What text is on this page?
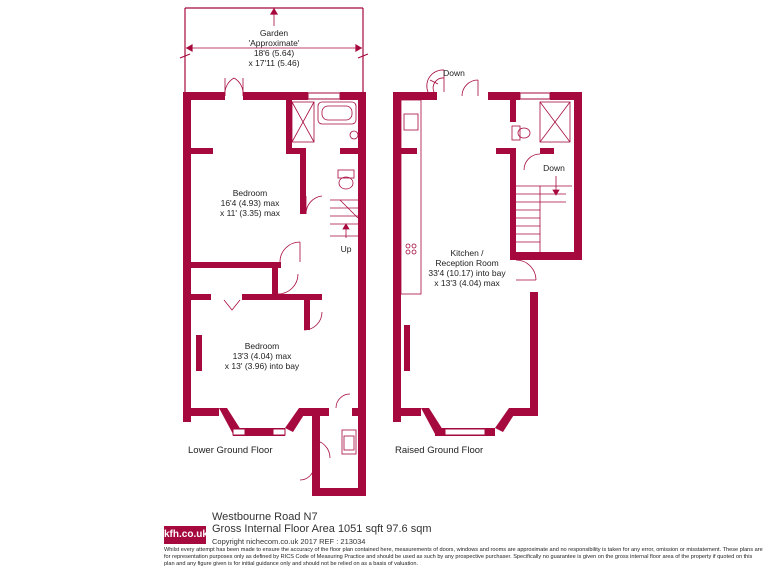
Garden
'Approximate'
18'6 (5.64)
x 17'11 (5.46)
Bedroom
16'4 (4.93) max
x 11' (3.35) max
Bedroom
13'3 (4.04) max
x 13' (3.96) into bay
Up
Lower Ground Floor
Down
Down
Kitchen /
Reception Room
33'4 (10.17) into bay
x 13'3 (4.04) max
Raised Ground Floor
kfh.co.uk
Westbourne Road N7
Gross Internal Floor Area 1051 sqft 97.6 sqm
Copyright nichecom.co.uk 2017 REF : 213034
Whilst every attempt has been made to ensure the accuracy of the floor plan contained here, measurements of doors, windows and rooms are approximate and no responsibility is taken for any error, omission or misstatement. These plans are for representation purposes only as defined by RICS Code of Measuring Practice and should be used as such by any prospective purchaser. Specifically no guarantee is given on the gross internal floor area of the property if quoted on this plan and any figure given is for initial guidance only and should not be relied on as a basis of valuation.
